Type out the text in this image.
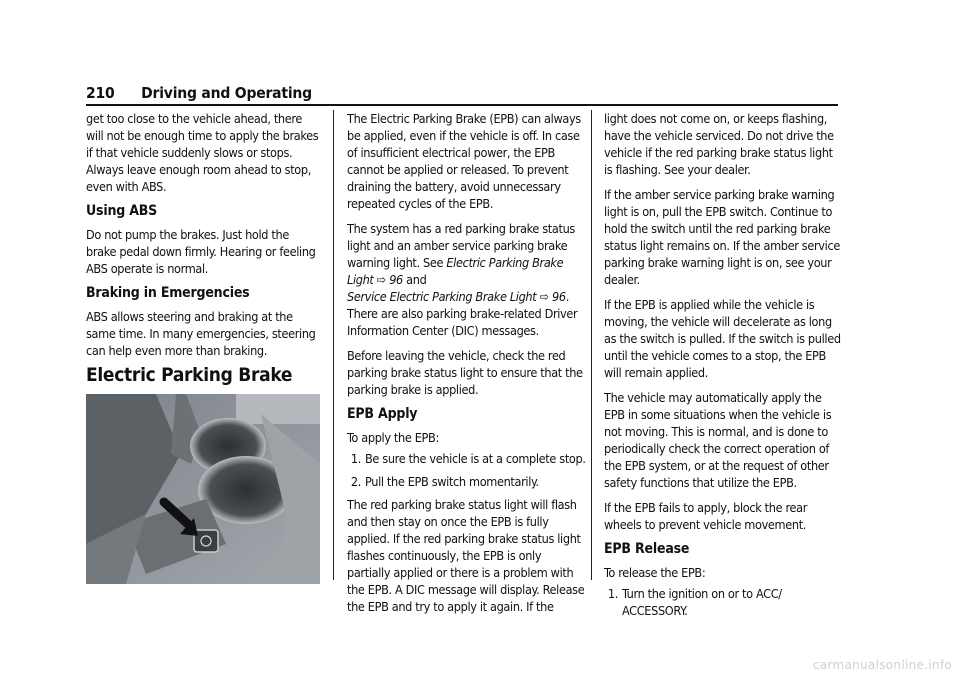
210 Driving and Operating

get too close to the vehicle ahead, there will not be enough time to apply the brakes if that vehicle suddenly slows or stops. Always leave enough room ahead to stop, even with ABS.

Using ABS

Do not pump the brakes. Just hold the brake pedal down firmly. Hearing or feeling ABS operate is normal.

Braking in Emergencies

ABS allows steering and braking at the same time. In many emergencies, steering can help even more than braking.

Electric Parking Brake

The Electric Parking Brake (EPB) can always be applied, even if the vehicle is off. In case of insufficient electrical power, the EPB cannot be applied or released. To prevent draining the battery, avoid unnecessary repeated cycles of the EPB.

The system has a red parking brake status light and an amber service parking brake warning light. See Electric Parking Brake Light ⇨ 96 and
Service Electric Parking Brake Light ⇨ 96. There are also parking brake-related Driver Information Center (DIC) messages.

Before leaving the vehicle, check the red parking brake status light to ensure that the parking brake is applied.

EPB Apply

To apply the EPB:

1. Be sure the vehicle is at a complete stop.
2. Pull the EPB switch momentarily.

The red parking brake status light will flash and then stay on once the EPB is fully applied. If the red parking brake status light flashes continuously, the EPB is only partially applied or there is a problem with the EPB. A DIC message will display. Release the EPB and try to apply it again. If the

light does not come on, or keeps flashing, have the vehicle serviced. Do not drive the vehicle if the red parking brake status light is flashing. See your dealer.

If the amber service parking brake warning light is on, pull the EPB switch. Continue to hold the switch until the red parking brake status light remains on. If the amber service parking brake warning light is on, see your dealer.

If the EPB is applied while the vehicle is moving, the vehicle will decelerate as long as the switch is pulled. If the switch is pulled until the vehicle comes to a stop, the EPB will remain applied.

The vehicle may automatically apply the EPB in some situations when the vehicle is not moving. This is normal, and is done to periodically check the correct operation of the EPB system, or at the request of other safety functions that utilize the EPB.

If the EPB fails to apply, block the rear wheels to prevent vehicle movement.

EPB Release

To release the EPB:

1. Turn the ignition on or to ACC/ ACCESSORY.
carmanualsonline.info
